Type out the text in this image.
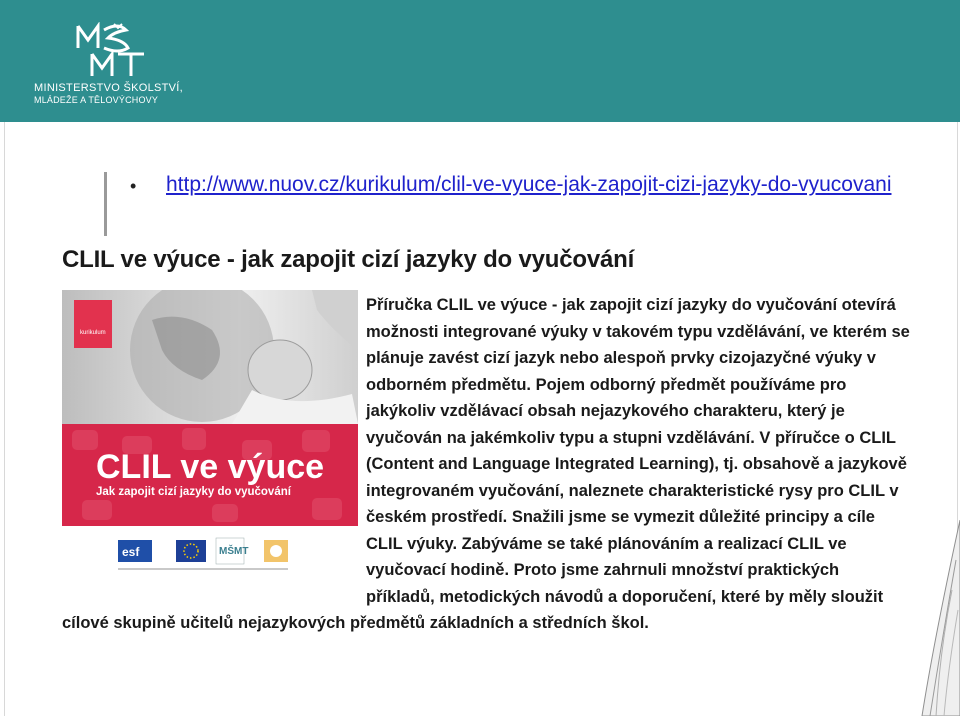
MINISTERSTVO ŠKOLSTVÍ,
MLÁDEŽE A TĚLOVÝCHOVY
• http://www.nuov.cz/kurikulum/clil-ve-vyuce-jak-zapojit-cizi-jazyky-do-vyucovani
CLIL ve výuce - jak zapojit cizí jazyky do vyučování
kurikulum
CLIL ve výuce
Jak zapojit cizí jazyky do vyučování
esf	MŠMT
Příručka CLIL ve výuce - jak zapojit cizí jazyky do vyučování otevírá možnosti integrované výuky v takovém typu vzdělávání, ve kterém se plánuje zavést cizí jazyk nebo alespoň prvky cizojazyčné výuky v odborném předmětu. Pojem odborný předmět používáme pro jakýkoliv vzdělávací obsah nejazykového charakteru, který je vyučován na jakémkoliv typu a stupni vzdělávání. V příručce o CLIL (Content and Language Integrated Learning), tj. obsahově a jazykově integrovaném vyučování, naleznete charakteristické rysy pro CLIL v českém prostředí. Snažili jsme se vymezit důležité principy a cíle CLIL výuky. Zabýváme se také plánováním a realizací CLIL ve vyučovací hodině. Proto jsme zahrnuli množství praktických příkladů, metodických návodů a doporučení, které by měly sloužit cílové skupině učitelů nejazykových předmětů základních a středních škol.
